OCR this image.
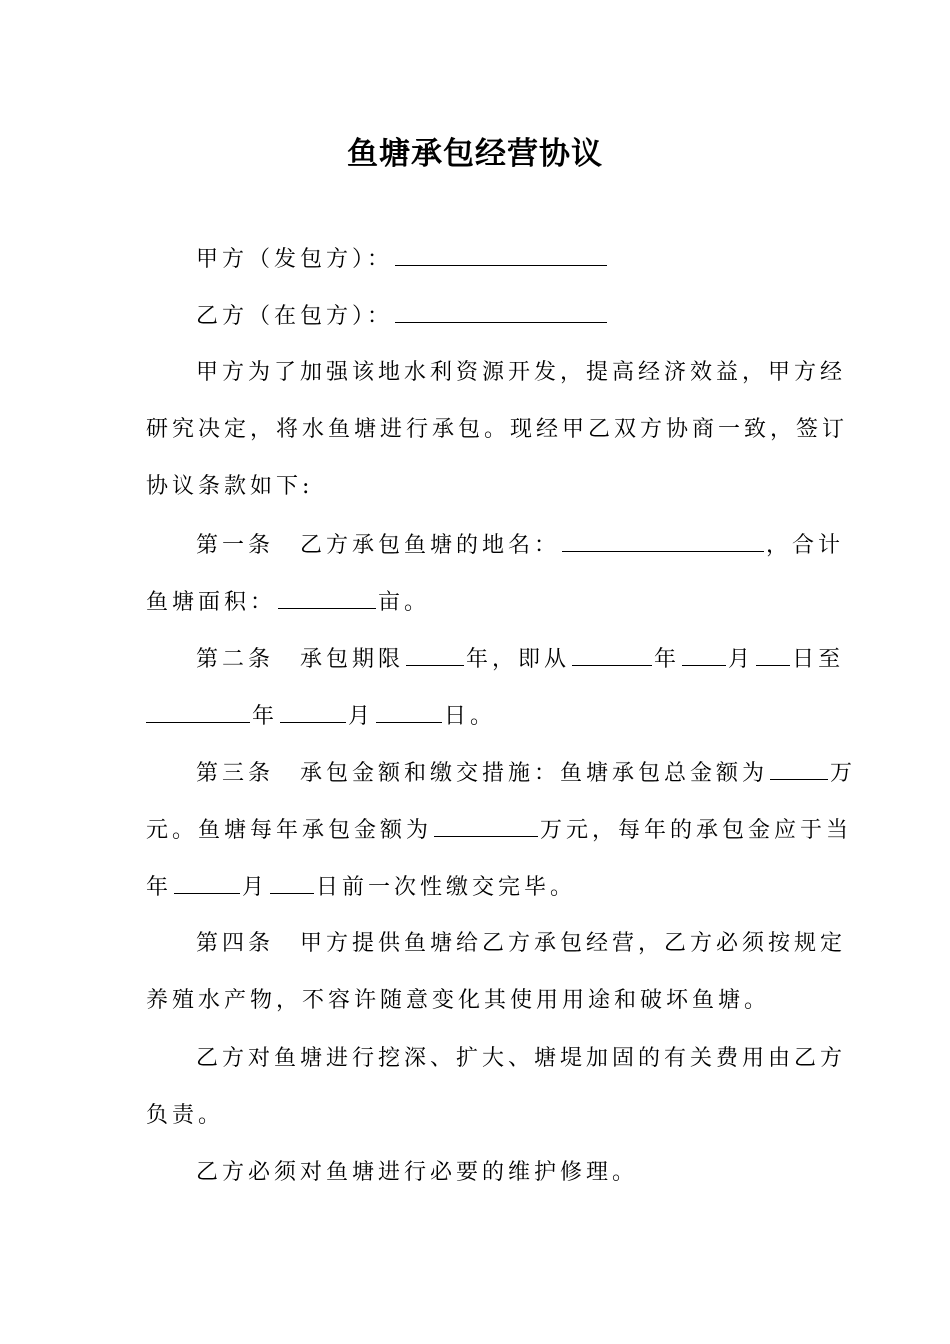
鱼塘承包经营协议
甲方（发包方）：
乙方（在包方）：
甲方为了加强该地水利资源开发，提高经济效益，甲方经
研究决定，将水鱼塘进行承包。现经甲乙双方协商一致，签订
协议条款如下:
第一条　乙方承包鱼塘的地名：	，合计
鱼塘面积：	亩。
第二条　承包期限	年，即从	年 月 日至
年	月	日。
第三条　承包金额和缴交措施：鱼塘承包总金额为	万
元。鱼塘每年承包金额为	万元，每年的承包金应于当
年	月 日前一次性缴交完毕。
第四条　甲方提供鱼塘给乙方承包经营，乙方必须按规定
养殖水产物，不容许随意变化其使用用途和破坏鱼塘。
乙方对鱼塘进行挖深、扩大、塘堤加固的有关费用由乙方
负责。
乙方必须对鱼塘进行必要的维护修理。
